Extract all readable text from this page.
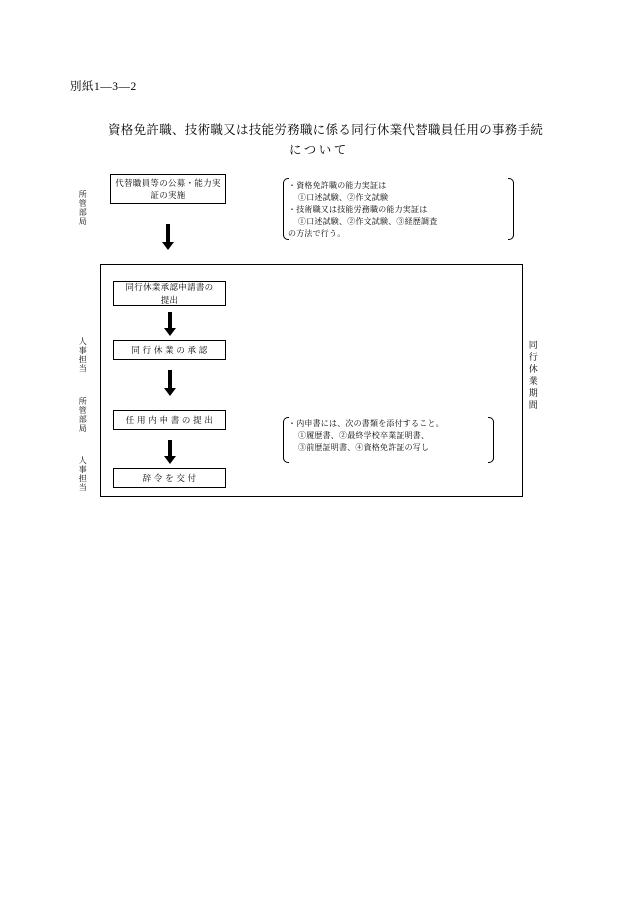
別紙1—3—2
資格免許職、技術職又は技能労務職に係る同行休業代替職員任用の事務手続
について
所管部局
人事担当
所管部局
人事担当
同行休業期間
代替職員等の公募・能力実
証の実施
同行休業承認申請書の
提出
同 行 休 業 の 承 認
任 用 内 申 書 の 提 出
辞 令 を 交 付
・資格免許職の能力実証は
①口述試験、②作文試験
・技術職又は技能労務職の能力実証は
①口述試験、②作文試験、③経歴調査
の方法で行う。
・内申書には、次の書類を添付すること。
①履歴書、②最終学校卒業証明書、
③前歴証明書、④資格免許証の写し
